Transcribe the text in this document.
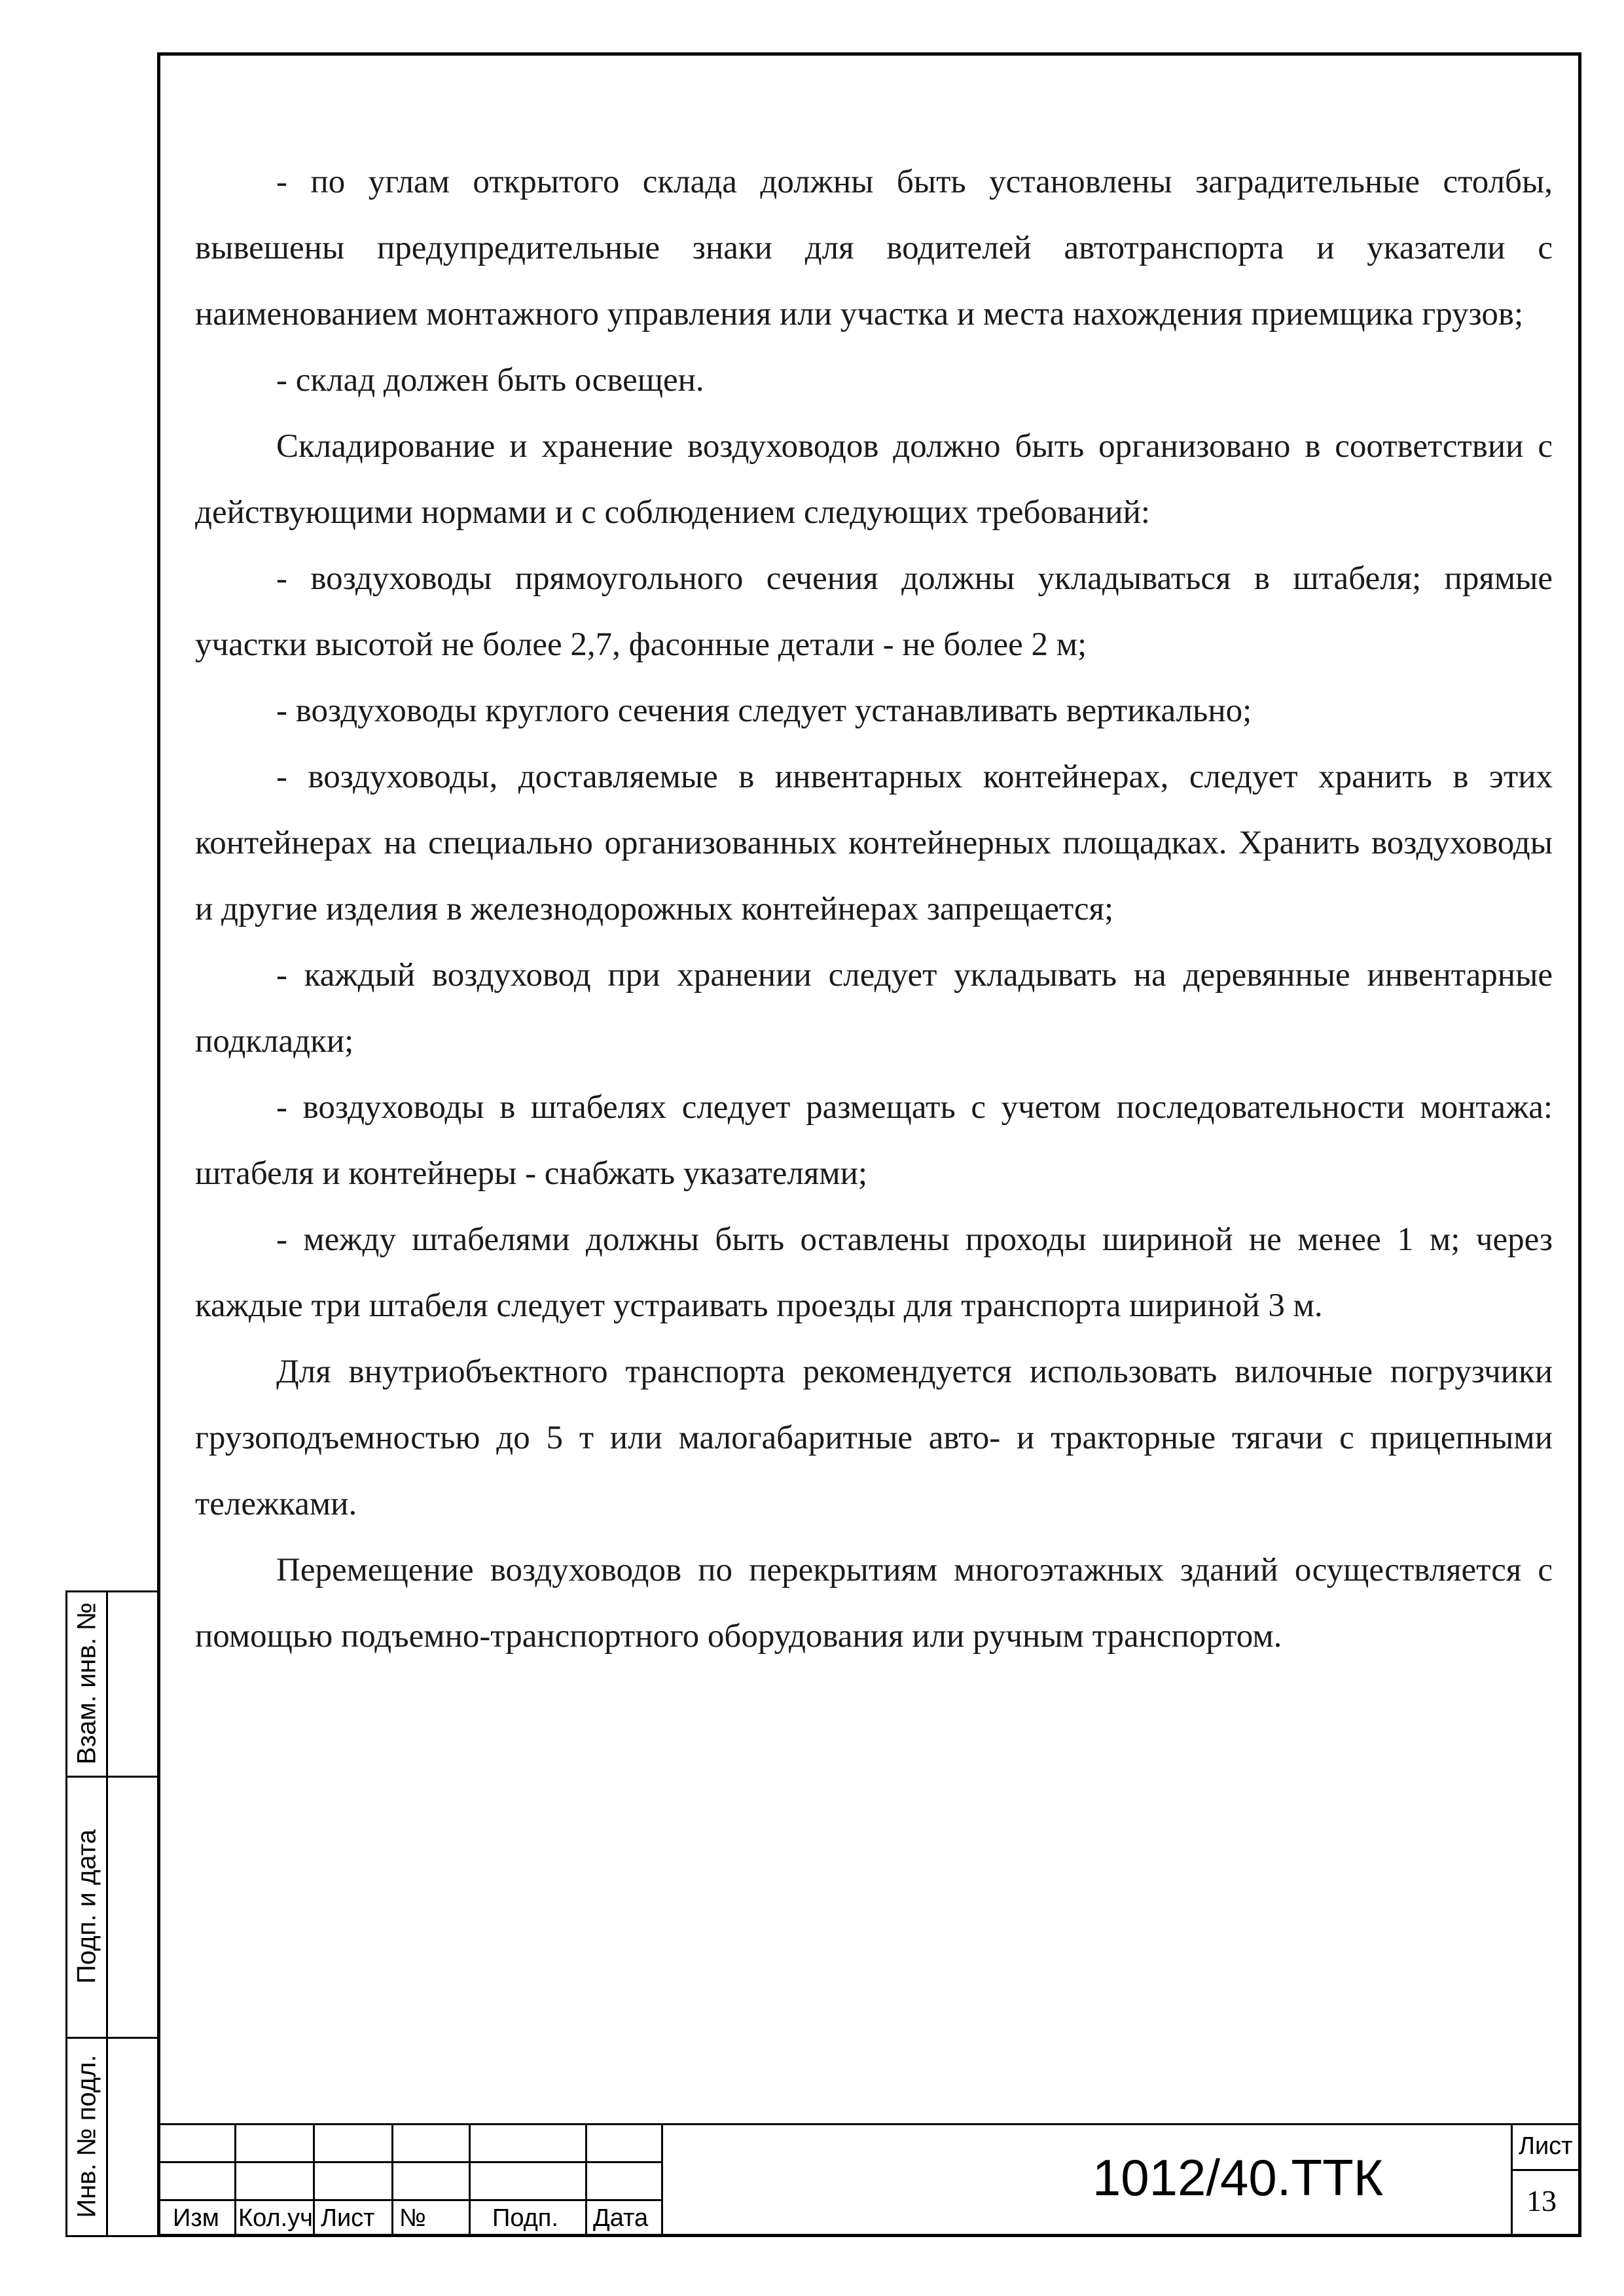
- по углам открытого склада должны быть установлены заградительные столбы, вывешены предупредительные знаки для водителей автотранспорта и указатели с наименованием монтажного управления или участка и места нахождения приемщика грузов;

- склад должен быть освещен.

Складирование и хранение воздуховодов должно быть организовано в соответствии с действующими нормами и с соблюдением следующих требований:

- воздуховоды прямоугольного сечения должны укладываться в штабеля; прямые участки высотой не более 2,7, фасонные детали - не более 2 м;

- воздуховоды круглого сечения следует устанавливать вертикально;

- воздуховоды, доставляемые в инвентарных контейнерах, следует хранить в этих контейнерах на специально организованных контейнерных площадках. Хранить воздуховоды и другие изделия в железнодорожных контейнерах запрещается;

- каждый воздуховод при хранении следует укладывать на деревянные инвентарные подкладки;

- воздуховоды в штабелях следует размещать с учетом последовательности монтажа: штабеля и контейнеры - снабжать указателями;

- между штабелями должны быть оставлены проходы шириной не менее 1 м; через каждые три штабеля следует устраивать проезды для транспорта шириной 3 м.

Для внутриобъектного транспорта рекомендуется использовать вилочные погрузчики грузоподъемностью до 5 т или малогабаритные авто- и тракторные тягачи с прицепными тележками.

Перемещение воздуховодов по перекрытиям многоэтажных зданий осуществляется с помощью подъемно-транспортного оборудования или ручным транспортом.

Взам. инв. №
Подп. и дата
Инв. № подл.
Изм Кол.уч Лист №	Подп. Дата
Лист
13
1012/40.ТТК
